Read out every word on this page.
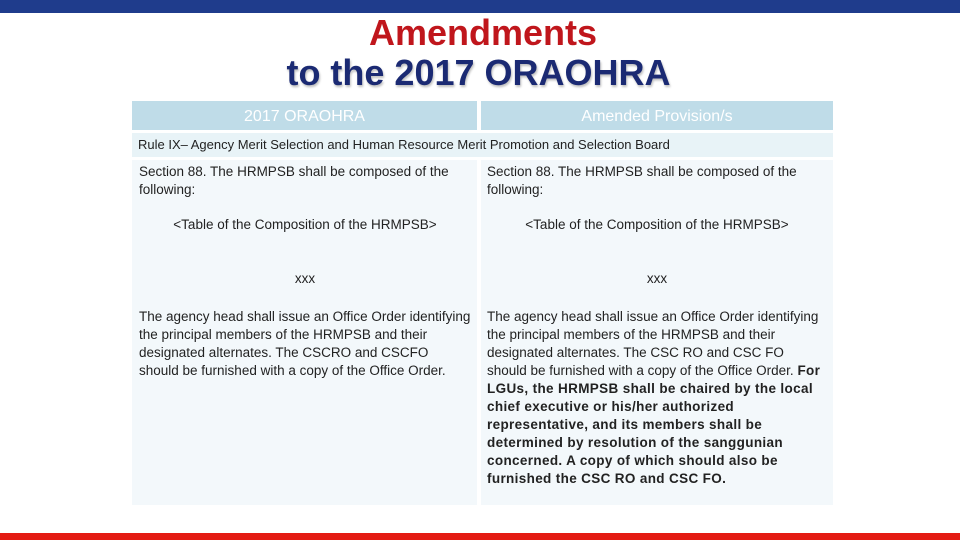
Amendments
to the 2017 ORAOHRA
2017 ORAOHRA	Amended Provision/s
Rule IX– Agency Merit Selection and Human Resource Merit Promotion and Selection Board

Section 88. The HRMPSB shall be composed of the following:

<Table of the Composition of the HRMPSB>

xxx

The agency head shall issue an Office Order identifying the principal members of the HRMPSB and their designated alternates. The CSCRO and CSCFO should be furnished with a copy of the Office Order.

Section 88. The HRMPSB shall be composed of the following:

<Table of the Composition of the HRMPSB>

xxx

The agency head shall issue an Office Order identifying the principal members of the HRMPSB and their designated alternates. The CSC RO and CSC FO should be furnished with a copy of the Office Order. For LGUs, the HRMPSB shall be chaired by the local chief executive or his/her authorized representative, and its members shall be determined by resolution of the sanggunian concerned. A copy of which should also be furnished the CSC RO and CSC FO.
